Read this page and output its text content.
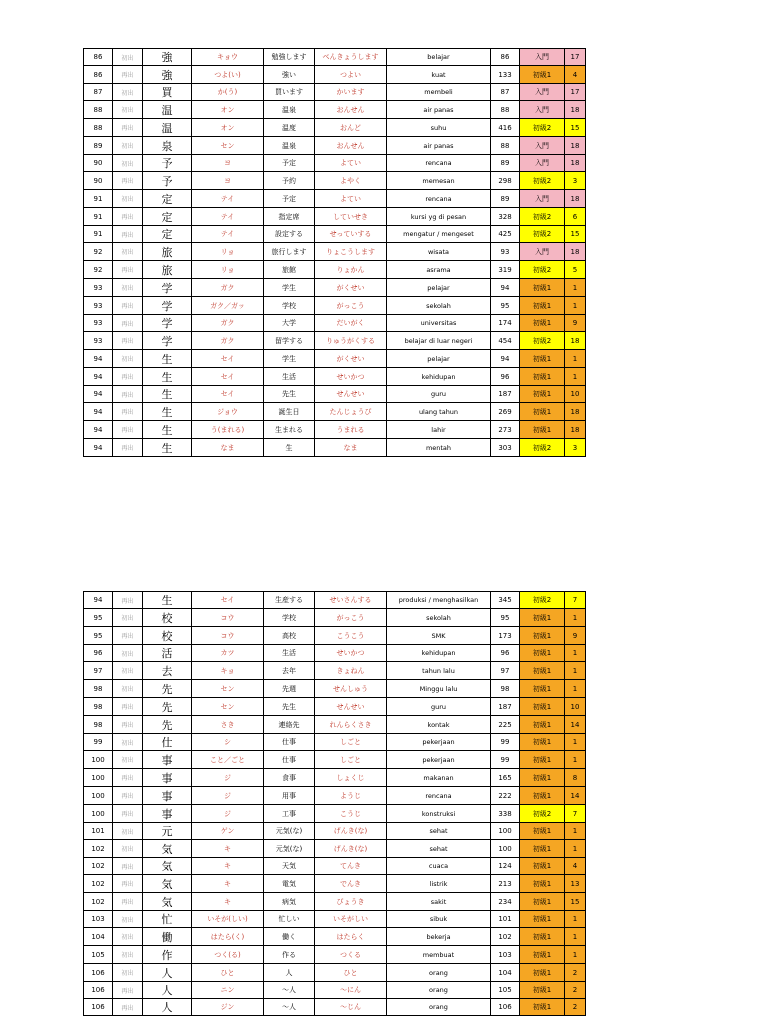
86	初出	強	キョウ	勉強します	べんきょうします	belajar	86	入門	17
86	再出	強	つよ(い)	強い	つよい	kuat	133	初級1	4
87	初出	買	か(う)	買います	かいます	membeli	87	入門	17
88	初出	温	オン	温泉	おんせん	air panas	88	入門	18
88	再出	温	オン	温度	おんど	suhu	416	初級2	15
89	初出	泉	セン	温泉	おんせん	air panas	88	入門	18
90	初出	予	ヨ	予定	よてい	rencana	89	入門	18
90	再出	予	ヨ	予約	よやく	memesan	298	初級2	3
91	初出	定	テイ	予定	よてい	rencana	89	入門	18
91	再出	定	テイ	指定席	していせき	kursi yg di pesan	328	初級2	6
91	再出	定	テイ	設定する	せっていする	mengatur / mengeset	425	初級2	15
92	初出	旅	リョ	旅行します	りょこうします	wisata	93	入門	18
92	再出	旅	リョ	旅館	りょかん	asrama	319	初級2	5
93	初出	学	ガク	学生	がくせい	pelajar	94	初級1	1
93	再出	学	ガク／ガッ	学校	がっこう	sekolah	95	初級1	1
93	再出	学	ガク	大学	だいがく	universitas	174	初級1	9
93	再出	学	ガク	留学する	りゅうがくする	belajar di luar negeri	454	初級2	18
94	初出	生	セイ	学生	がくせい	pelajar	94	初級1	1
94	再出	生	セイ	生活	せいかつ	kehidupan	96	初級1	1
94	再出	生	セイ	先生	せんせい	guru	187	初級1	10
94	再出	生	ジョウ	誕生日	たんじょうび	ulang tahun	269	初級1	18
94	再出	生	う(まれる)	生まれる	うまれる	lahir	273	初級1	18
94	再出	生	なま	生	なま	mentah	303	初級2	3
94	再出	生	セイ	生産する	せいさんする	produksi / menghasilkan	345	初級2	7
95	初出	校	コウ	学校	がっこう	sekolah	95	初級1	1
95	再出	校	コウ	高校	こうこう	SMK	173	初級1	9
96	初出	活	カツ	生活	せいかつ	kehidupan	96	初級1	1
97	初出	去	キョ	去年	きょねん	tahun lalu	97	初級1	1
98	初出	先	セン	先週	せんしゅう	Minggu lalu	98	初級1	1
98	再出	先	セン	先生	せんせい	guru	187	初級1	10
98	再出	先	さき	連絡先	れんらくさき	kontak	225	初級1	14
99	初出	仕	シ	仕事	しごと	pekerjaan	99	初級1	1
100	初出	事	こと／ごと	仕事	しごと	pekerjaan	99	初級1	1
100	再出	事	ジ	食事	しょくじ	makanan	165	初級1	8
100	再出	事	ジ	用事	ようじ	rencana	222	初級1	14
100	再出	事	ジ	工事	こうじ	konstruksi	338	初級2	7
101	初出	元	ゲン	元気(な)	げんき(な)	sehat	100	初級1	1
102	初出	気	キ	元気(な)	げんき(な)	sehat	100	初級1	1
102	再出	気	キ	天気	てんき	cuaca	124	初級1	4
102	再出	気	キ	電気	でんき	listrik	213	初級1	13
102	再出	気	キ	病気	びょうき	sakit	234	初級1	15
103	初出	忙	いそが(しい)	忙しい	いそがしい	sibuk	101	初級1	1
104	初出	働	はたら(く)	働く	はたらく	bekerja	102	初級1	1
105	初出	作	つく(る)	作る	つくる	membuat	103	初級1	1
106	初出	人	ひと	人	ひと	orang	104	初級1	2
106	再出	人	ニン	～人	～にん	orang	105	初級1	2
106	再出	人	ジン	～人	～じん	orang	106	初級1	2
